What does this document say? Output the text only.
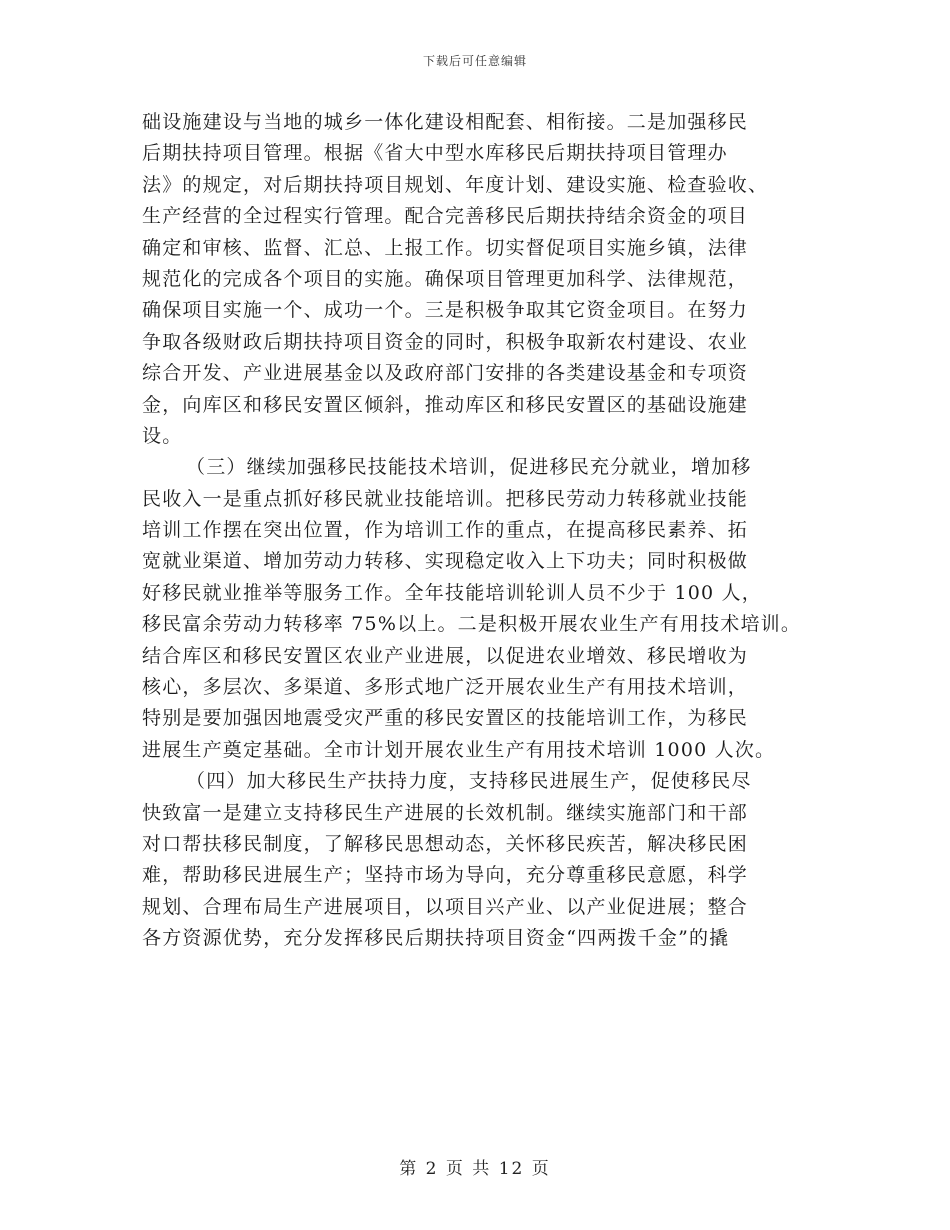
下载后可任意编辑
础设施建设与当地的城乡一体化建设相配套、相衔接。二是加强移民
后期扶持项目管理。根据《省大中型水库移民后期扶持项目管理办
法》的规定，对后期扶持项目规划、年度计划、建设实施、检查验收、
生产经营的全过程实行管理。配合完善移民后期扶持结余资金的项目
确定和审核、监督、汇总、上报工作。切实督促项目实施乡镇，法律
规范化的完成各个项目的实施。确保项目管理更加科学、法律规范，
确保项目实施一个、成功一个。三是积极争取其它资金项目。在努力
争取各级财政后期扶持项目资金的同时，积极争取新农村建设、农业
综合开发、产业进展基金以及政府部门安排的各类建设基金和专项资
金，向库区和移民安置区倾斜，推动库区和移民安置区的基础设施建
设。
（三）继续加强移民技能技术培训，促进移民充分就业，增加移
民收入一是重点抓好移民就业技能培训。把移民劳动力转移就业技能
培训工作摆在突出位置，作为培训工作的重点，在提高移民素养、拓
宽就业渠道、增加劳动力转移、实现稳定收入上下功夫；同时积极做
好移民就业推举等服务工作。全年技能培训轮训人员不少于 100 人，
移民富余劳动力转移率 75%以上。二是积极开展农业生产有用技术培训。
结合库区和移民安置区农业产业进展，以促进农业增效、移民增收为
核心，多层次、多渠道、多形式地广泛开展农业生产有用技术培训，
特别是要加强因地震受灾严重的移民安置区的技能培训工作，为移民
进展生产奠定基础。全市计划开展农业生产有用技术培训 1000 人次。
（四）加大移民生产扶持力度，支持移民进展生产，促使移民尽
快致富一是建立支持移民生产进展的长效机制。继续实施部门和干部
对口帮扶移民制度，了解移民思想动态，关怀移民疾苦，解决移民困
难，帮助移民进展生产；坚持市场为导向，充分尊重移民意愿，科学
规划、合理布局生产进展项目，以项目兴产业、以产业促进展；整合
各方资源优势，充分发挥移民后期扶持项目资金“四两拨千金”的撬
第 2 页 共 12 页
